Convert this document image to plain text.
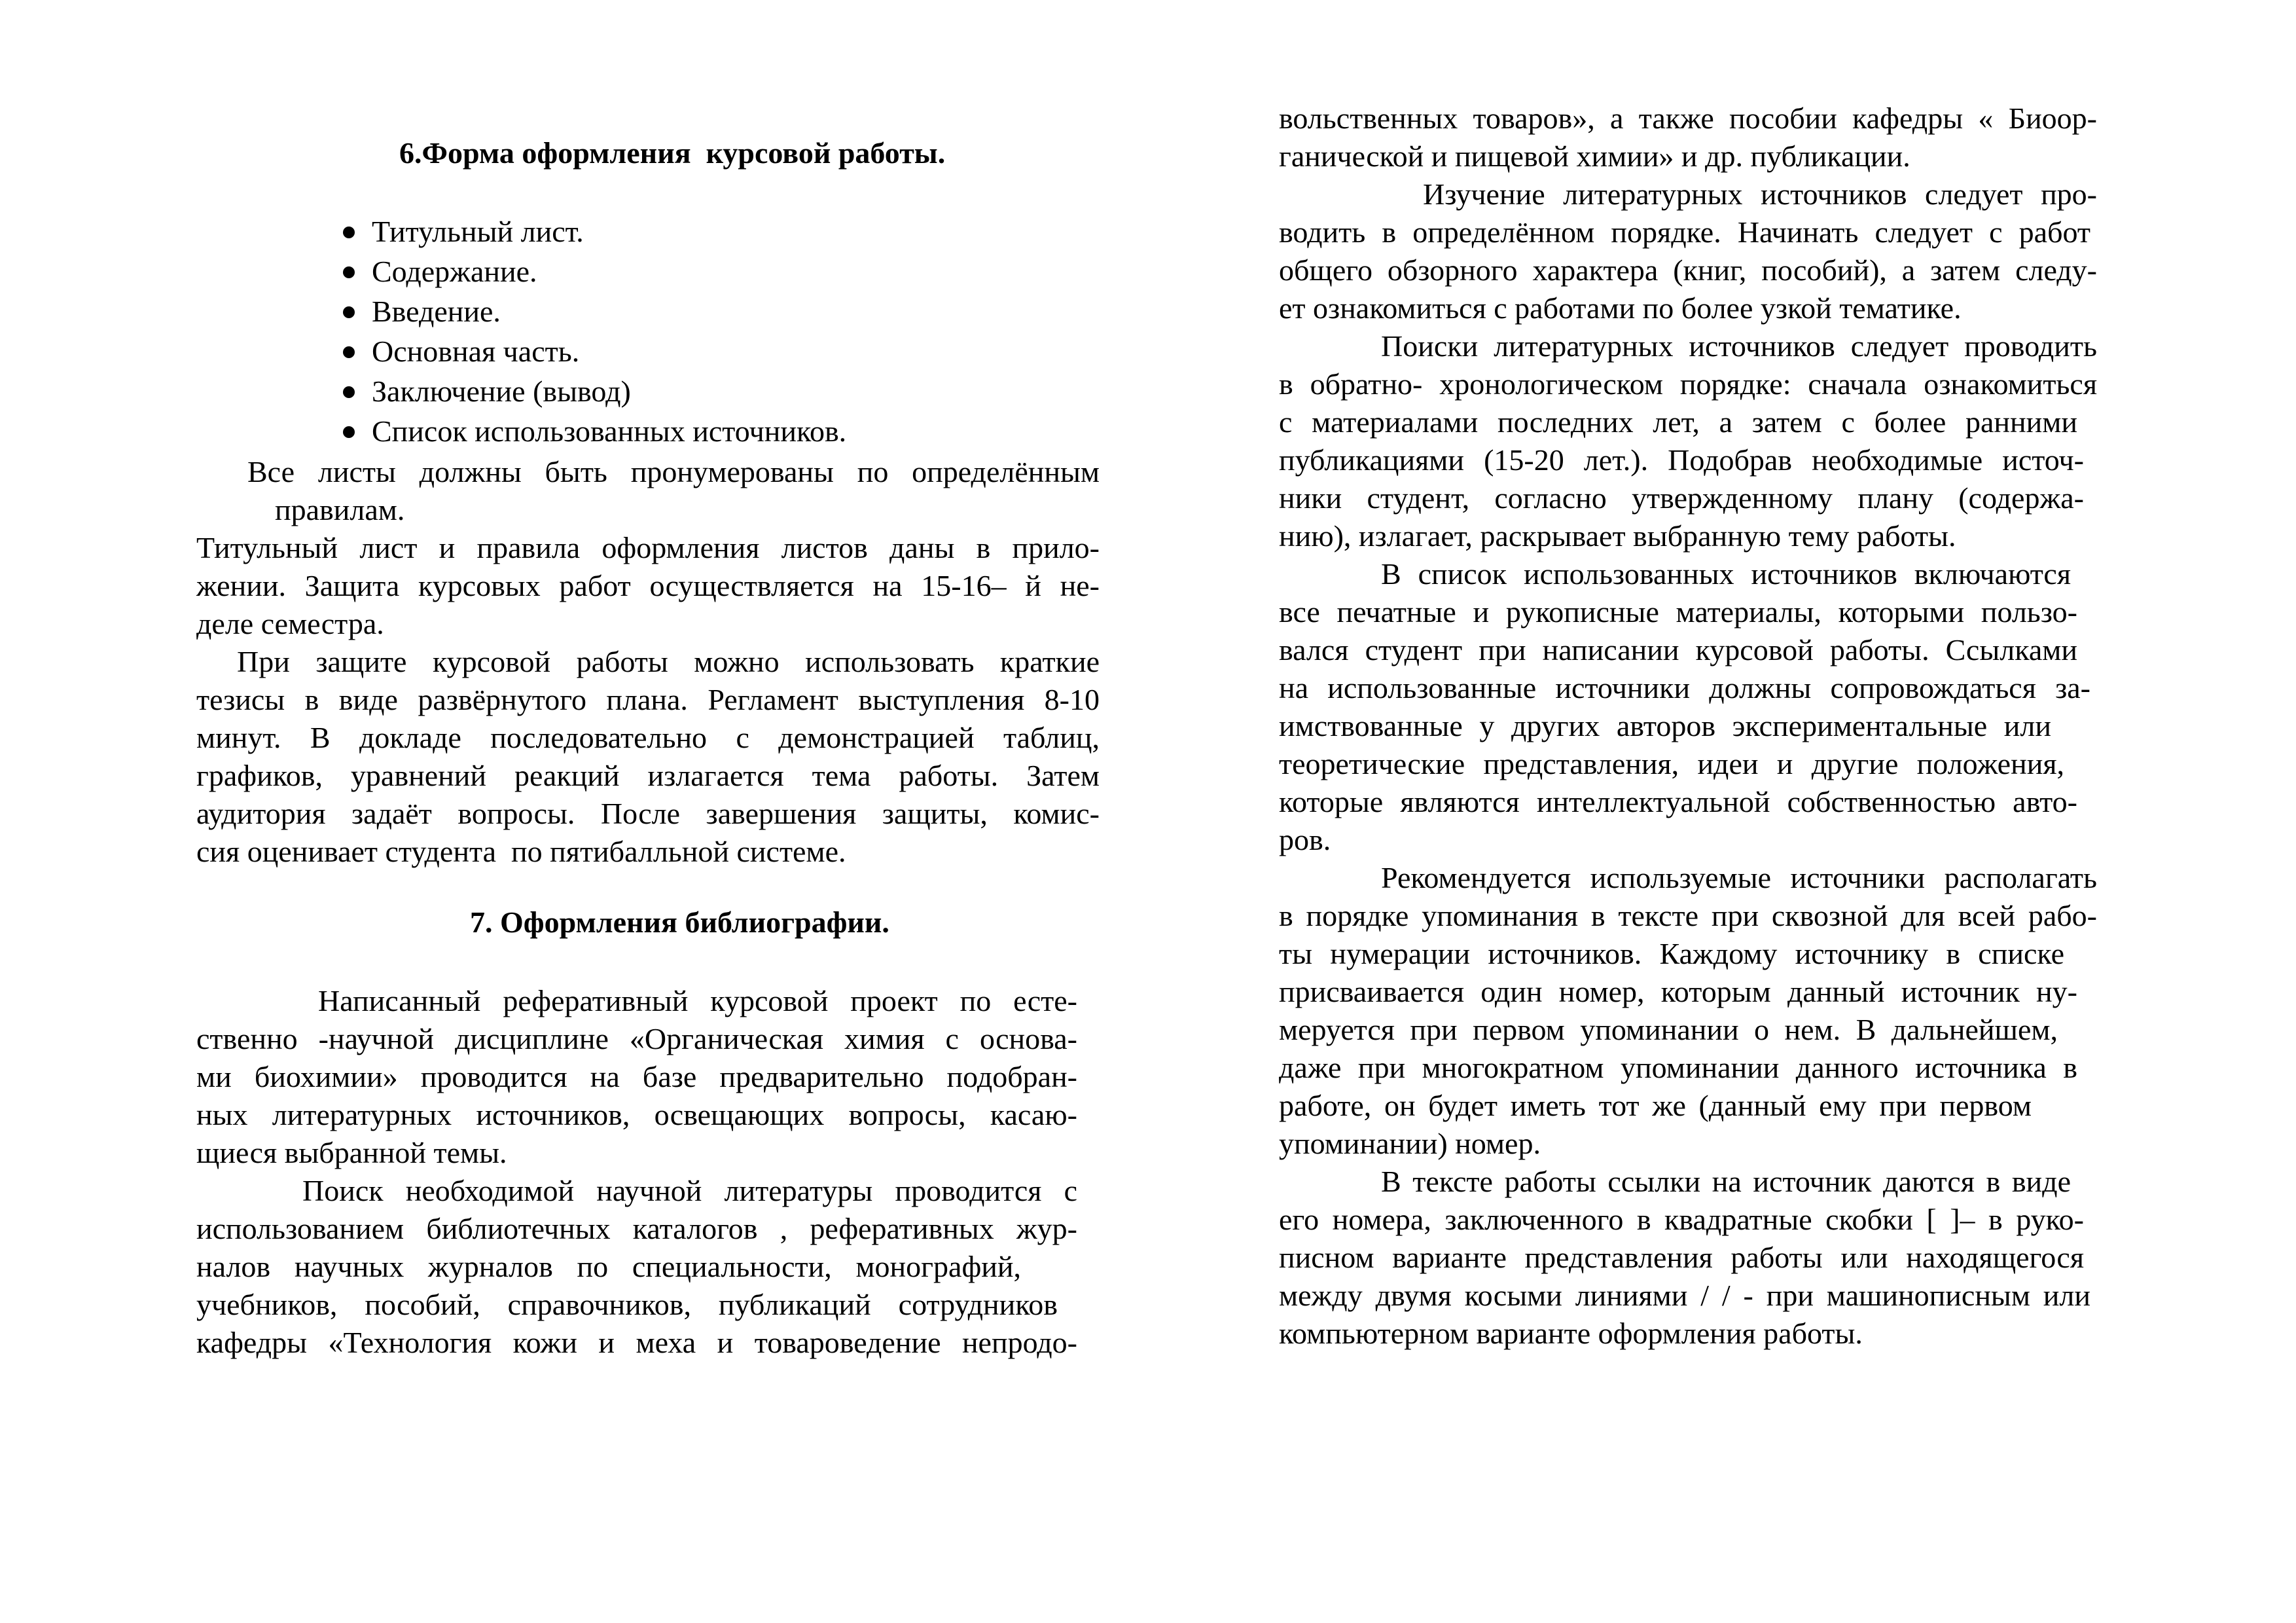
6.Форма оформления  курсовой работы.
Титульный лист.
Содержание.
Введение.
Основная часть.
Заключение (вывод)
Список использованных источников.
Все листы должны быть пронумерованы по определённым
правилам.
Титульный лист и правила оформления листов даны в прило-
жении. Защита курсовых работ осуществляется на 15-16– й не-
деле семестра.
При защите курсовой работы можно использовать краткие
тезисы в виде развёрнутого плана. Регламент выступления 8-10
минут. В докладе последовательно с демонстрацией таблиц,
графиков, уравнений реакций излагается тема работы. Затем
аудитория задаёт вопросы. После завершения защиты, комис-
сия оценивает студента  по пятибалльной системе.
7. Оформления библиографии.
Написанный реферативный курсовой проект по есте-
ственно -научной дисциплине «Органическая химия с основа-
ми биохимии» проводится на базе предварительно подобран-
ных литературных источников, освещающих вопросы, касаю-
щиеся выбранной темы.
Поиск необходимой научной литературы проводится с
использованием библиотечных каталогов , реферативных жур-
налов научных журналов по специальности, монографий,
учебников, пособий, справочников, публикаций сотрудников
кафедры «Технология кожи и меха и товароведение непродо-
вольственных товаров», а также пособии кафедры « Биоор-
ганической и пищевой химии» и др. публикации.
Изучение литературных источников следует про-
водить в определённом порядке. Начинать следует с работ
общего обзорного характера (книг, пособий), а затем следу-
ет ознакомиться с работами по более узкой тематике.
Поиски литературных источников следует проводить
в обратно- хронологическом порядке: сначала ознакомиться
с материалами последних лет, а затем с более ранними
публикациями (15-20 лет.). Подобрав необходимые источ-
ники студент, согласно утвержденному плану (содержа-
нию), излагает, раскрывает выбранную тему работы.
В список использованных источников включаются
все печатные и рукописные материалы, которыми пользо-
вался студент при написании курсовой работы. Ссылками
на использованные источники должны сопровождаться за-
имствованные у других авторов экспериментальные или
теоретические представления, идеи и другие положения,
которые являются интеллектуальной собственностью авто-
ров.
Рекомендуется используемые источники располагать
в порядке упоминания в тексте при сквозной для всей рабо-
ты нумерации источников. Каждому источнику в списке
присваивается один номер, которым данный источник ну-
меруется при первом упоминании о нем. В дальнейшем,
даже при многократном упоминании данного источника в
работе, он будет иметь тот же (данный ему при первом
упоминании) номер.
В тексте работы ссылки на источник даются в виде
его номера, заключенного в квадратные скобки [ ]– в руко-
писном варианте представления работы или находящегося
между двумя косыми линиями / / - при машинописным или
компьютерном варианте оформления работы.
